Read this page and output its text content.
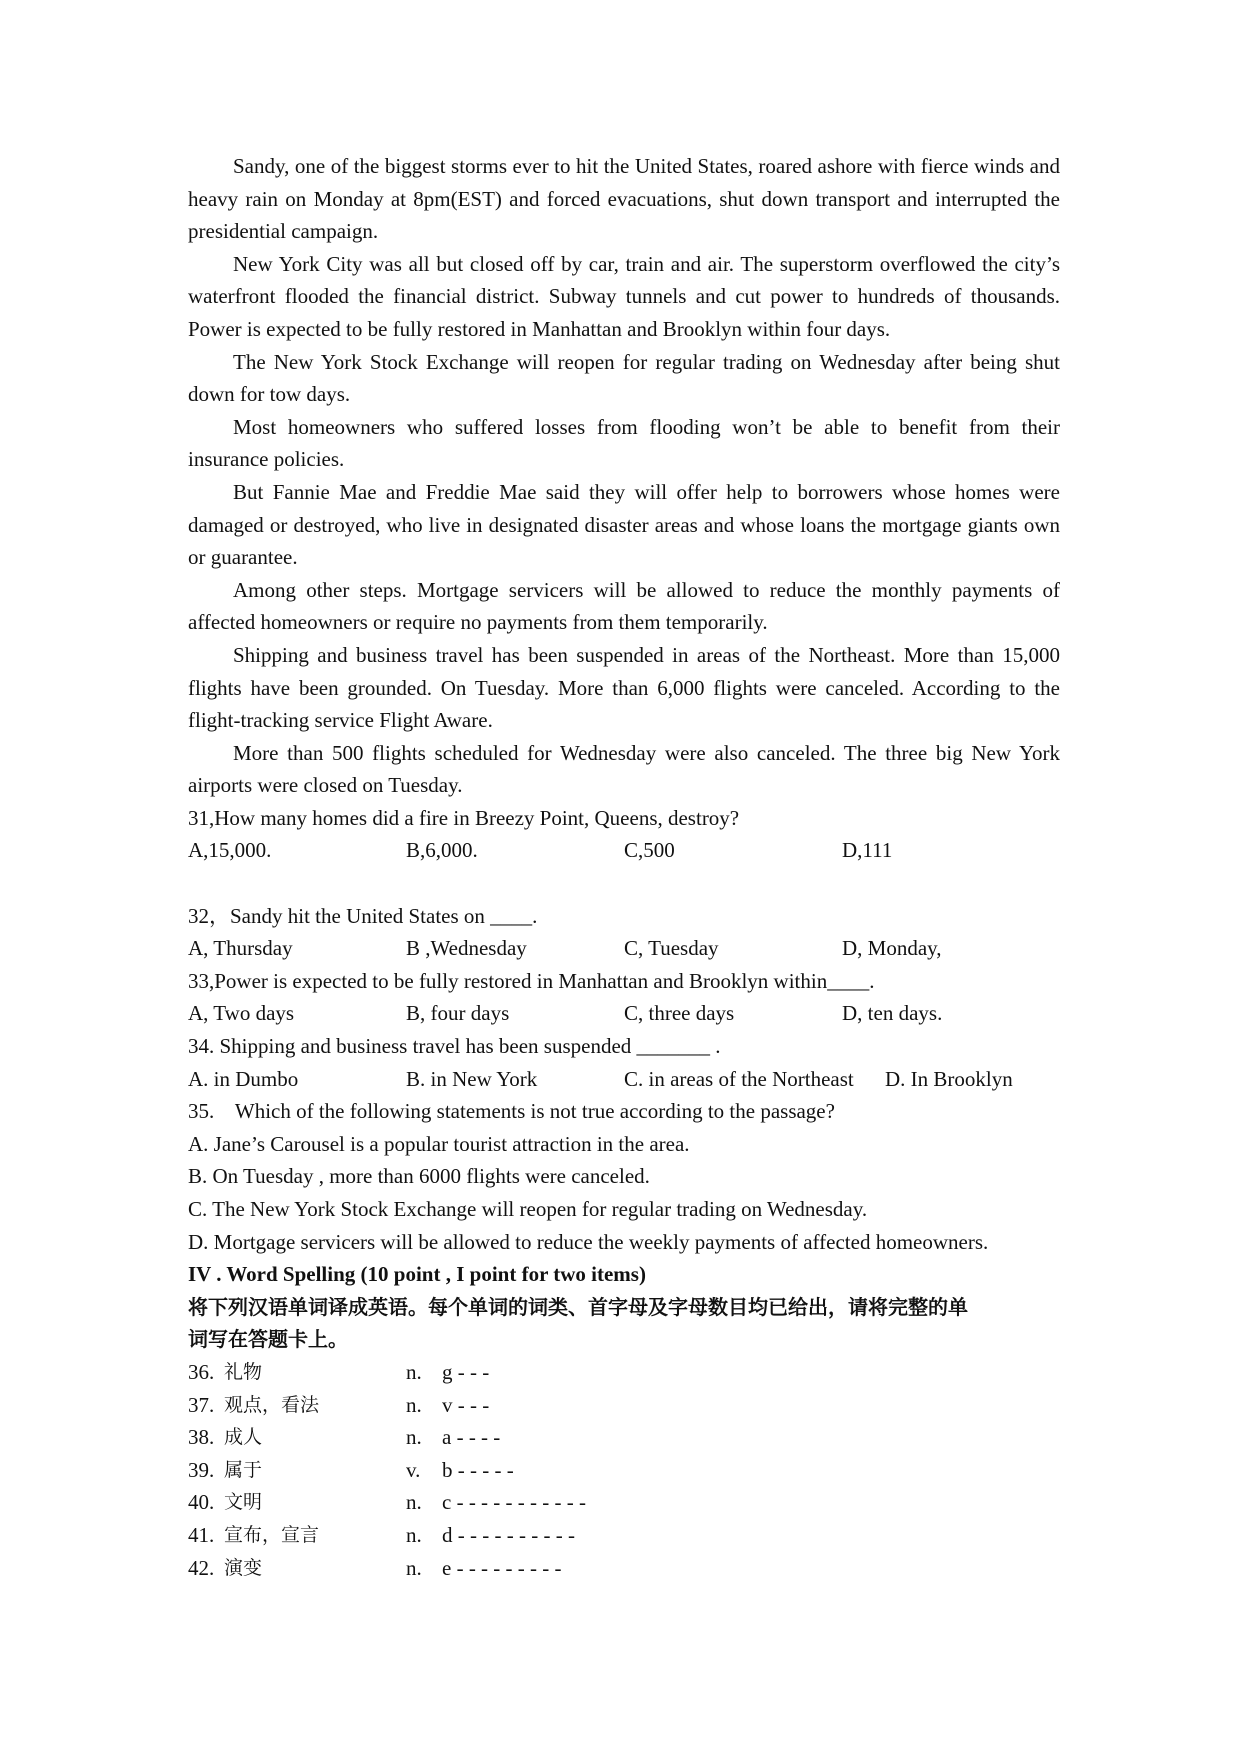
Sandy, one of the biggest storms ever to hit the United States, roared ashore with fierce winds and heavy rain on Monday at 8pm(EST) and forced evacuations, shut down transport and interrupted the presidential campaign.

New York City was all but closed off by car, train and air. The superstorm overflowed the city’s waterfront flooded the financial district. Subway tunnels and cut power to hundreds of thousands. Power is expected to be fully restored in Manhattan and Brooklyn within four days.

The New York Stock Exchange will reopen for regular trading on Wednesday after being shut down for tow days.

Most homeowners who suffered losses from flooding won’t be able to benefit from their insurance policies.

But Fannie Mae and Freddie Mae said they will offer help to borrowers whose homes were damaged or destroyed, who live in designated disaster areas and whose loans the mortgage giants own or guarantee.

Among other steps. Mortgage servicers will be allowed to reduce the monthly payments of affected homeowners or require no payments from them temporarily.

Shipping and business travel has been suspended in areas of the Northeast. More than 15,000 flights have been grounded. On Tuesday. More than 6,000 flights were canceled. According to the flight-tracking service Flight Aware.

More than 500 flights scheduled for Wednesday were also canceled. The three big New York airports were closed on Tuesday.

31,How many homes did a fire in Breezy Point, Queens, destroy?

A,15,000.	B,6,000.	C,500	D,111

32，Sandy hit the United States on ____.

A, Thursday	B ,Wednesday	C, Tuesday	D, Monday,

33,Power is expected to be fully restored in Manhattan and Brooklyn within____.

A, Two days	B, four days	C, three days	D, ten days.

34. Shipping and business travel has been suspended _______ .

A. in Dumbo	B. in New York	C. in areas of the Northeast D. In Brooklyn

35.    Which of the following statements is not true according to the passage?

A. Jane’s Carousel is a popular tourist attraction in the area.

B. On Tuesday , more than 6000 flights were canceled.

C. The New York Stock Exchange will reopen for regular trading on Wednesday.

D. Mortgage servicers will be allowed to reduce the weekly payments of affected homeowners.

IV . Word Spelling (10 point , I point for two items)

将下列汉语单词译成英语。每个单词的词类、首字母及字母数目均已给出，请将完整的单

词写在答题卡上。

36. 礼物	n. g - - -
37. 观点，看法	n. v - - -
38. 成人	n. a - - - -
39. 属于	v. b - - - - -
40. 文明	n. c - - - - - - - - - - -
41. 宣布，宣言	n. d - - - - - - - - - -
42. 演变	n. e - - - - - - - - -
